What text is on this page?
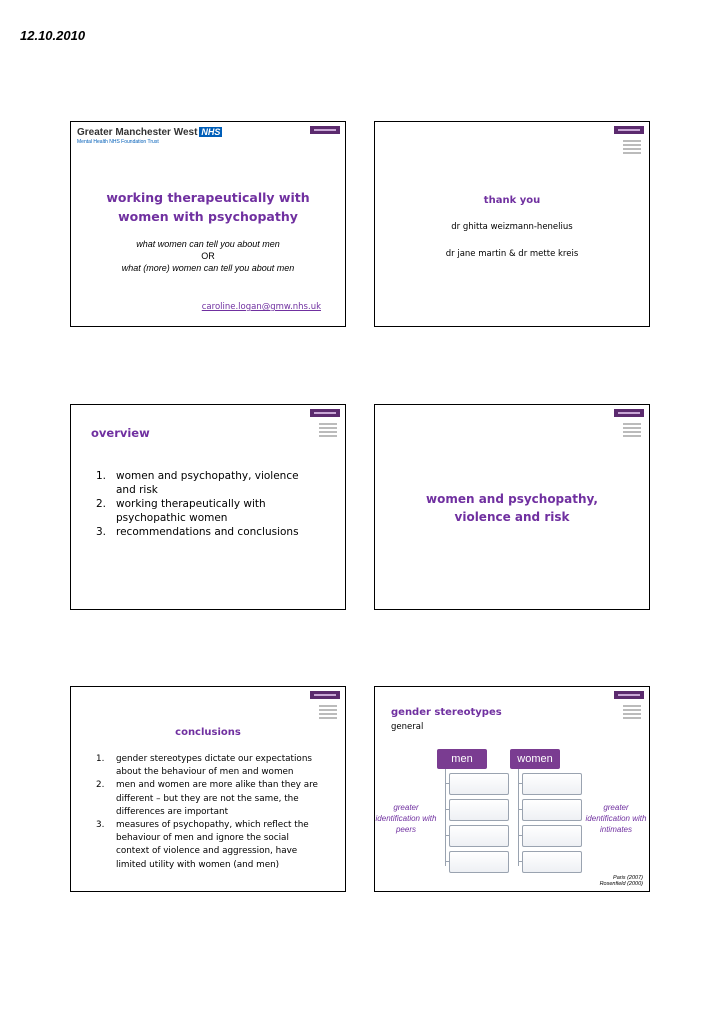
12.10.2010
Greater Manchester West NHS
Mental Health NHS Foundation Trust
working therapeutically with
women with psychopathy
what women can tell you about men
OR
what (more) women can tell you about men
caroline.logan@gmw.nhs.uk
thank you
dr ghitta weizmann-henelius
dr jane martin & dr mette kreis
overview
1. women and psychopathy, violence and risk
2. working therapeutically with psychopathic women
3. recommendations and conclusions
women and psychopathy,
violence and risk
conclusions
1. gender stereotypes dictate our expectations about the behaviour of men and women
2. men and women are more alike than they are different – but they are not the same, the differences are important
3. measures of psychopathy, which reflect the behaviour of men and ignore the social context of violence and aggression, have limited utility with women (and men)
gender stereotypes
general
men	women
greater identification with peers
greater identification with intimates
Paris (2007)
Rosenfield (2000)
